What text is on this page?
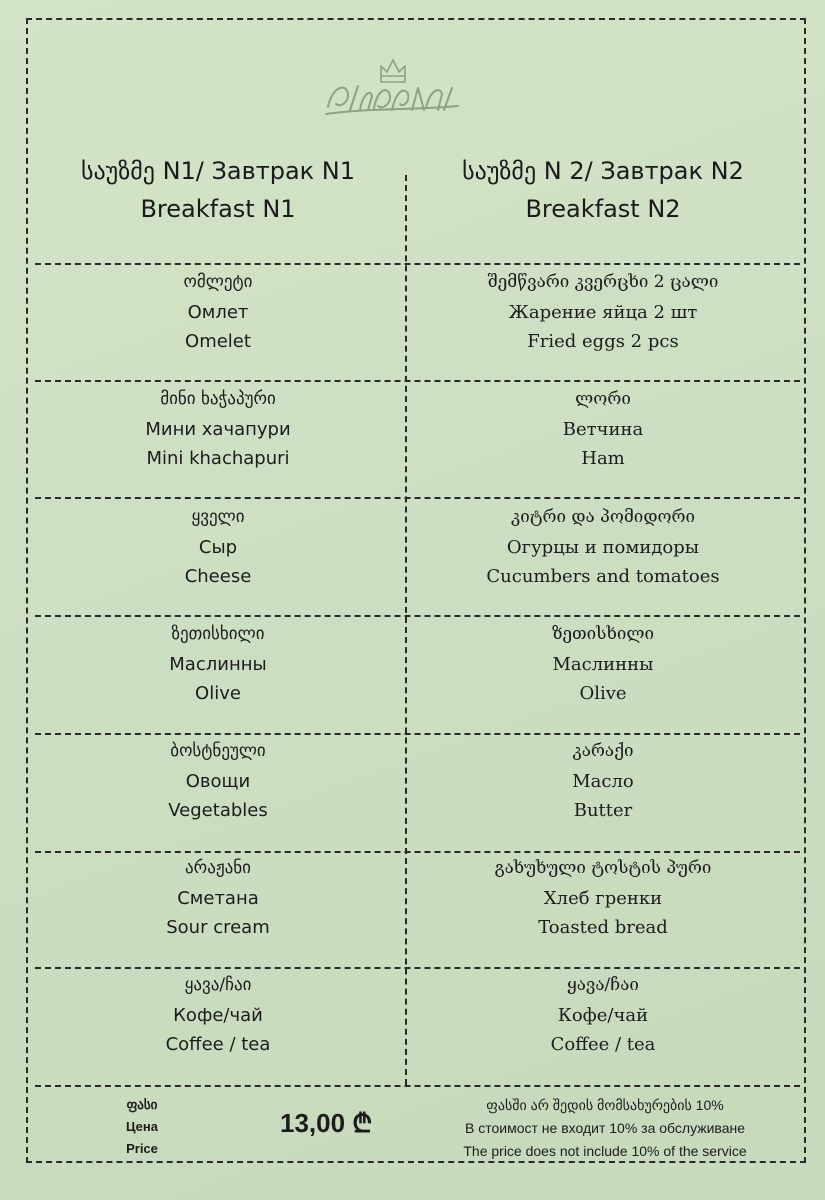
საუზმე N1/ Завтрак N1
Breakfast N1
საუზმე N 2/ Завтрак N2
Breakfast N2
ომლეტი
Омлет
Omelet
მინი ხაჭაპური
Мини хачапури
Mini khachapuri
ყველი
Сыр
Cheese
ზეთისხილი
Маслинны
Olive
ბოსტნეული
Овощи
Vegetables
არაჟანი
Сметана
Sour cream
ყავა/ჩაი
Кофе/чай
Coffee / tea
შემწვარი კვერცხი 2 ცალი
Жарение яйца 2 шт
Fried eggs 2 pcs
ლორი
Ветчина
Ham
კიტრი და პომიდორი
Огурцы и помидоры
Cucumbers and tomatoes
ზეთისხილი
Маслинны
Olive
კარაქი
Масло
Butter
გახუხული ტოსტის პური
Хлеб гренки
Toasted bread
ყავა/ჩაი
Кофе/чай
Coffee / tea
ფასი
Цена
Price
13,00 ₾
ფასში არ შედის მომსახურების 10%
В стоимост не входит 10% за обслуживане
The price does not include 10% of the service
